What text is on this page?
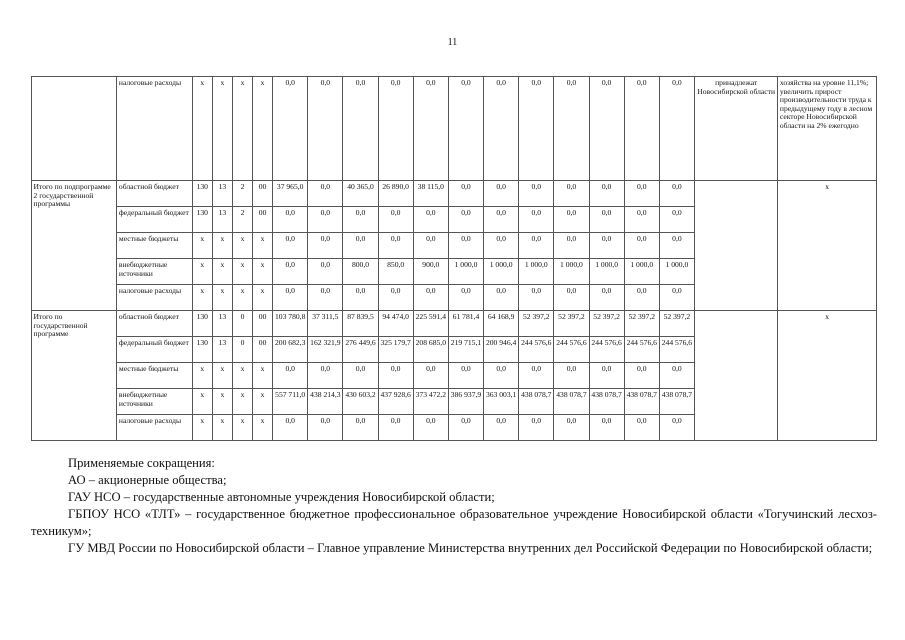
11
	налоговые расходы	х	х	х	х	0,0	0,0	0,0	0,0	0,0	0,0	0,0	0,0	0,0	0,0	0,0	0,0	принадлежат Новосибирской области	хозяйства на уровне 11,1%; увеличить прирост производительности труда к предыдущему году в лесном секторе Новосибирской области на 2% ежегодно
Итого по подпрограмме 2 государственной программы	областной бюджет	130	13	2	00	37 965,0	0,0	40 365,0	26 890,0	38 115,0	0,0	0,0	0,0	0,0	0,0	0,0	0,0		х
	федеральный бюджет	130	13	2	00	0,0	0,0	0,0	0,0	0,0	0,0	0,0	0,0	0,0	0,0	0,0	0,0		
	местные бюджеты	х	х	х	х	0,0	0,0	0,0	0,0	0,0	0,0	0,0	0,0	0,0	0,0	0,0	0,0		
	внебюджетные источники	х	х	х	х	0,0	0,0	800,0	850,0	900,0	1 000,0	1 000,0	1 000,0	1 000,0	1 000,0	1 000,0	1 000,0		
	налоговые расходы	х	х	х	х	0,0	0,0	0,0	0,0	0,0	0,0	0,0	0,0	0,0	0,0	0,0	0,0		
Итого по государственной программе	областной бюджет	130	13	0	00	103 780,8	37 311,5	87 839,5	94 474,0	225 591,4	61 781,4	64 168,9	52 397,2	52 397,2	52 397,2	52 397,2	52 397,2		х
	федеральный бюджет	130	13	0	00	200 682,3	162 321,9	276 449,6	325 179,7	208 685,0	219 715,1	200 946,4	244 576,6	244 576,6	244 576,6	244 576,6	244 576,6		
	местные бюджеты	х	х	х	х	0,0	0,0	0,0	0,0	0,0	0,0	0,0	0,0	0,0	0,0	0,0	0,0		
	внебюджетные источники	х	х	х	х	557 711,0	438 214,3	430 603,2	437 928,6	373 472,2	386 937,9	363 003,1	438 078,7	438 078,7	438 078,7	438 078,7	438 078,7		
	налоговые расходы	х	х	х	х	0,0	0,0	0,0	0,0	0,0	0,0	0,0	0,0	0,0	0,0	0,0	0,0		

Применяемые сокращения:

АО – акционерные общества;

ГАУ НСО – государственные автономные учреждения Новосибирской области;

ГБПОУ НСО «ТЛТ» – государственное бюджетное профессиональное образовательное учреждение Новосибирской области «Тогучинский лесхоз-техникум»;

ГУ МВД России по Новосибирской области – Главное управление Министерства внутренних дел Российской Федерации по Новосибирской области;
